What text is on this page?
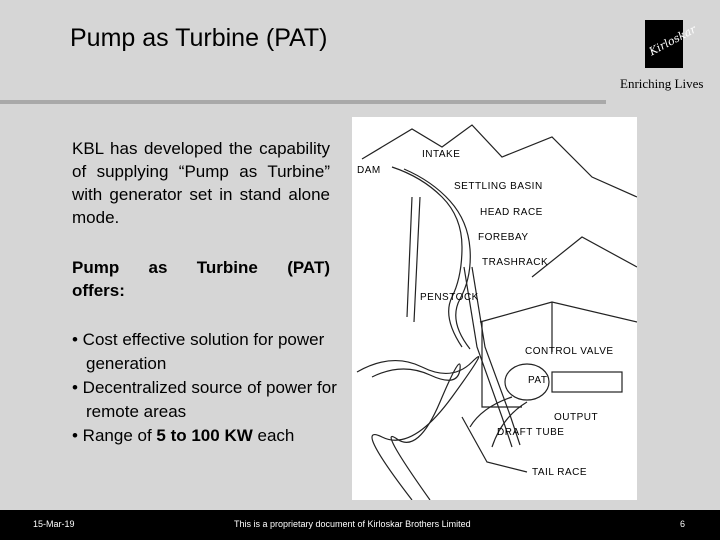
Pump as Turbine (PAT)	Kirloskar
Enriching Lives
KBL has developed the capability of supplying “Pump as Turbine” with generator set in stand alone mode.
Pump as Turbine (PAT)
offers:
• Cost effective solution for power generation
• Decentralized source of power for remote areas
• Range of 5 to 100 KW each
INTAKE
DAM
SETTLING BASIN
HEAD RACE
FOREBAY
TRASHRACK
PENSTOCK
CONTROL VALVE
PAT
OUTPUT
DRAFT TUBE
TAIL RACE
15-Mar-19	This is a proprietary document of Kirloskar Brothers Limited	6
